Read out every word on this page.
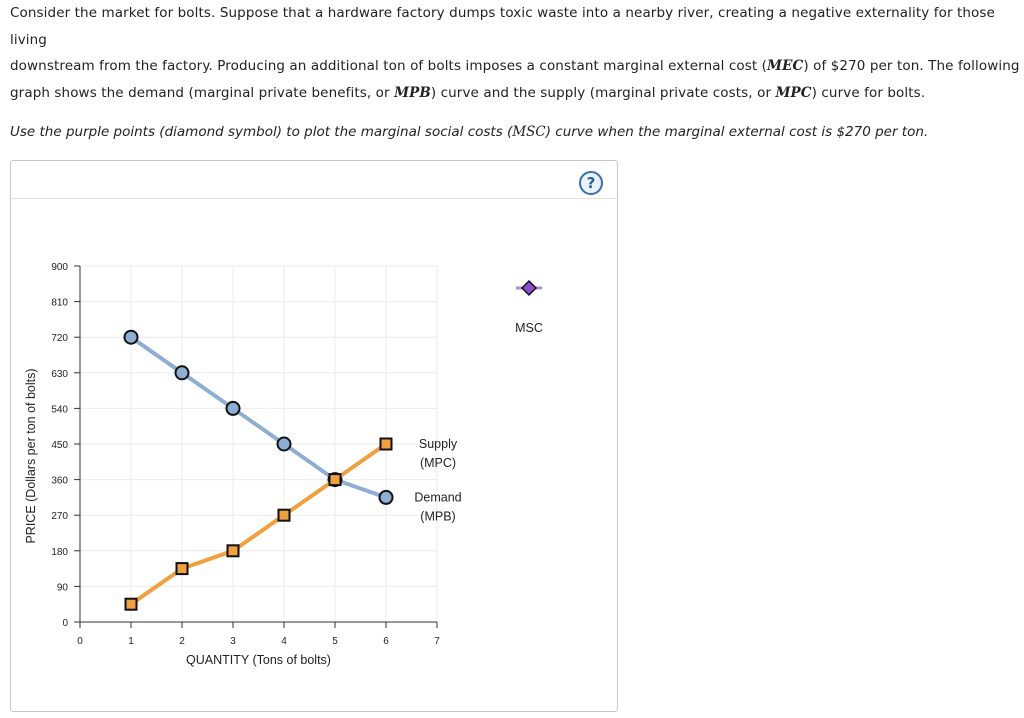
Consider the market for bolts. Suppose that a hardware factory dumps toxic waste into a nearby river, creating a negative externality for those living

downstream from the factory. Producing an additional ton of bolts imposes a constant marginal external cost (MEC) of $270 per ton. The following

graph shows the demand (marginal private benefits, or MPB) curve and the supply (marginal private costs, or MPC) curve for bolts.

Use the purple points (diamond symbol) to plot the marginal social costs (MSC) curve when the marginal external cost is $270 per ton.
?
0
90
180
270
360
450
540
630
720
810
900
0	1	2	3	4	5	6	7
QUANTITY (Tons of bolts)
PRICE (Dollars per ton of bolts)	Demand
(MPB)
Supply
(MPC)
MSC
